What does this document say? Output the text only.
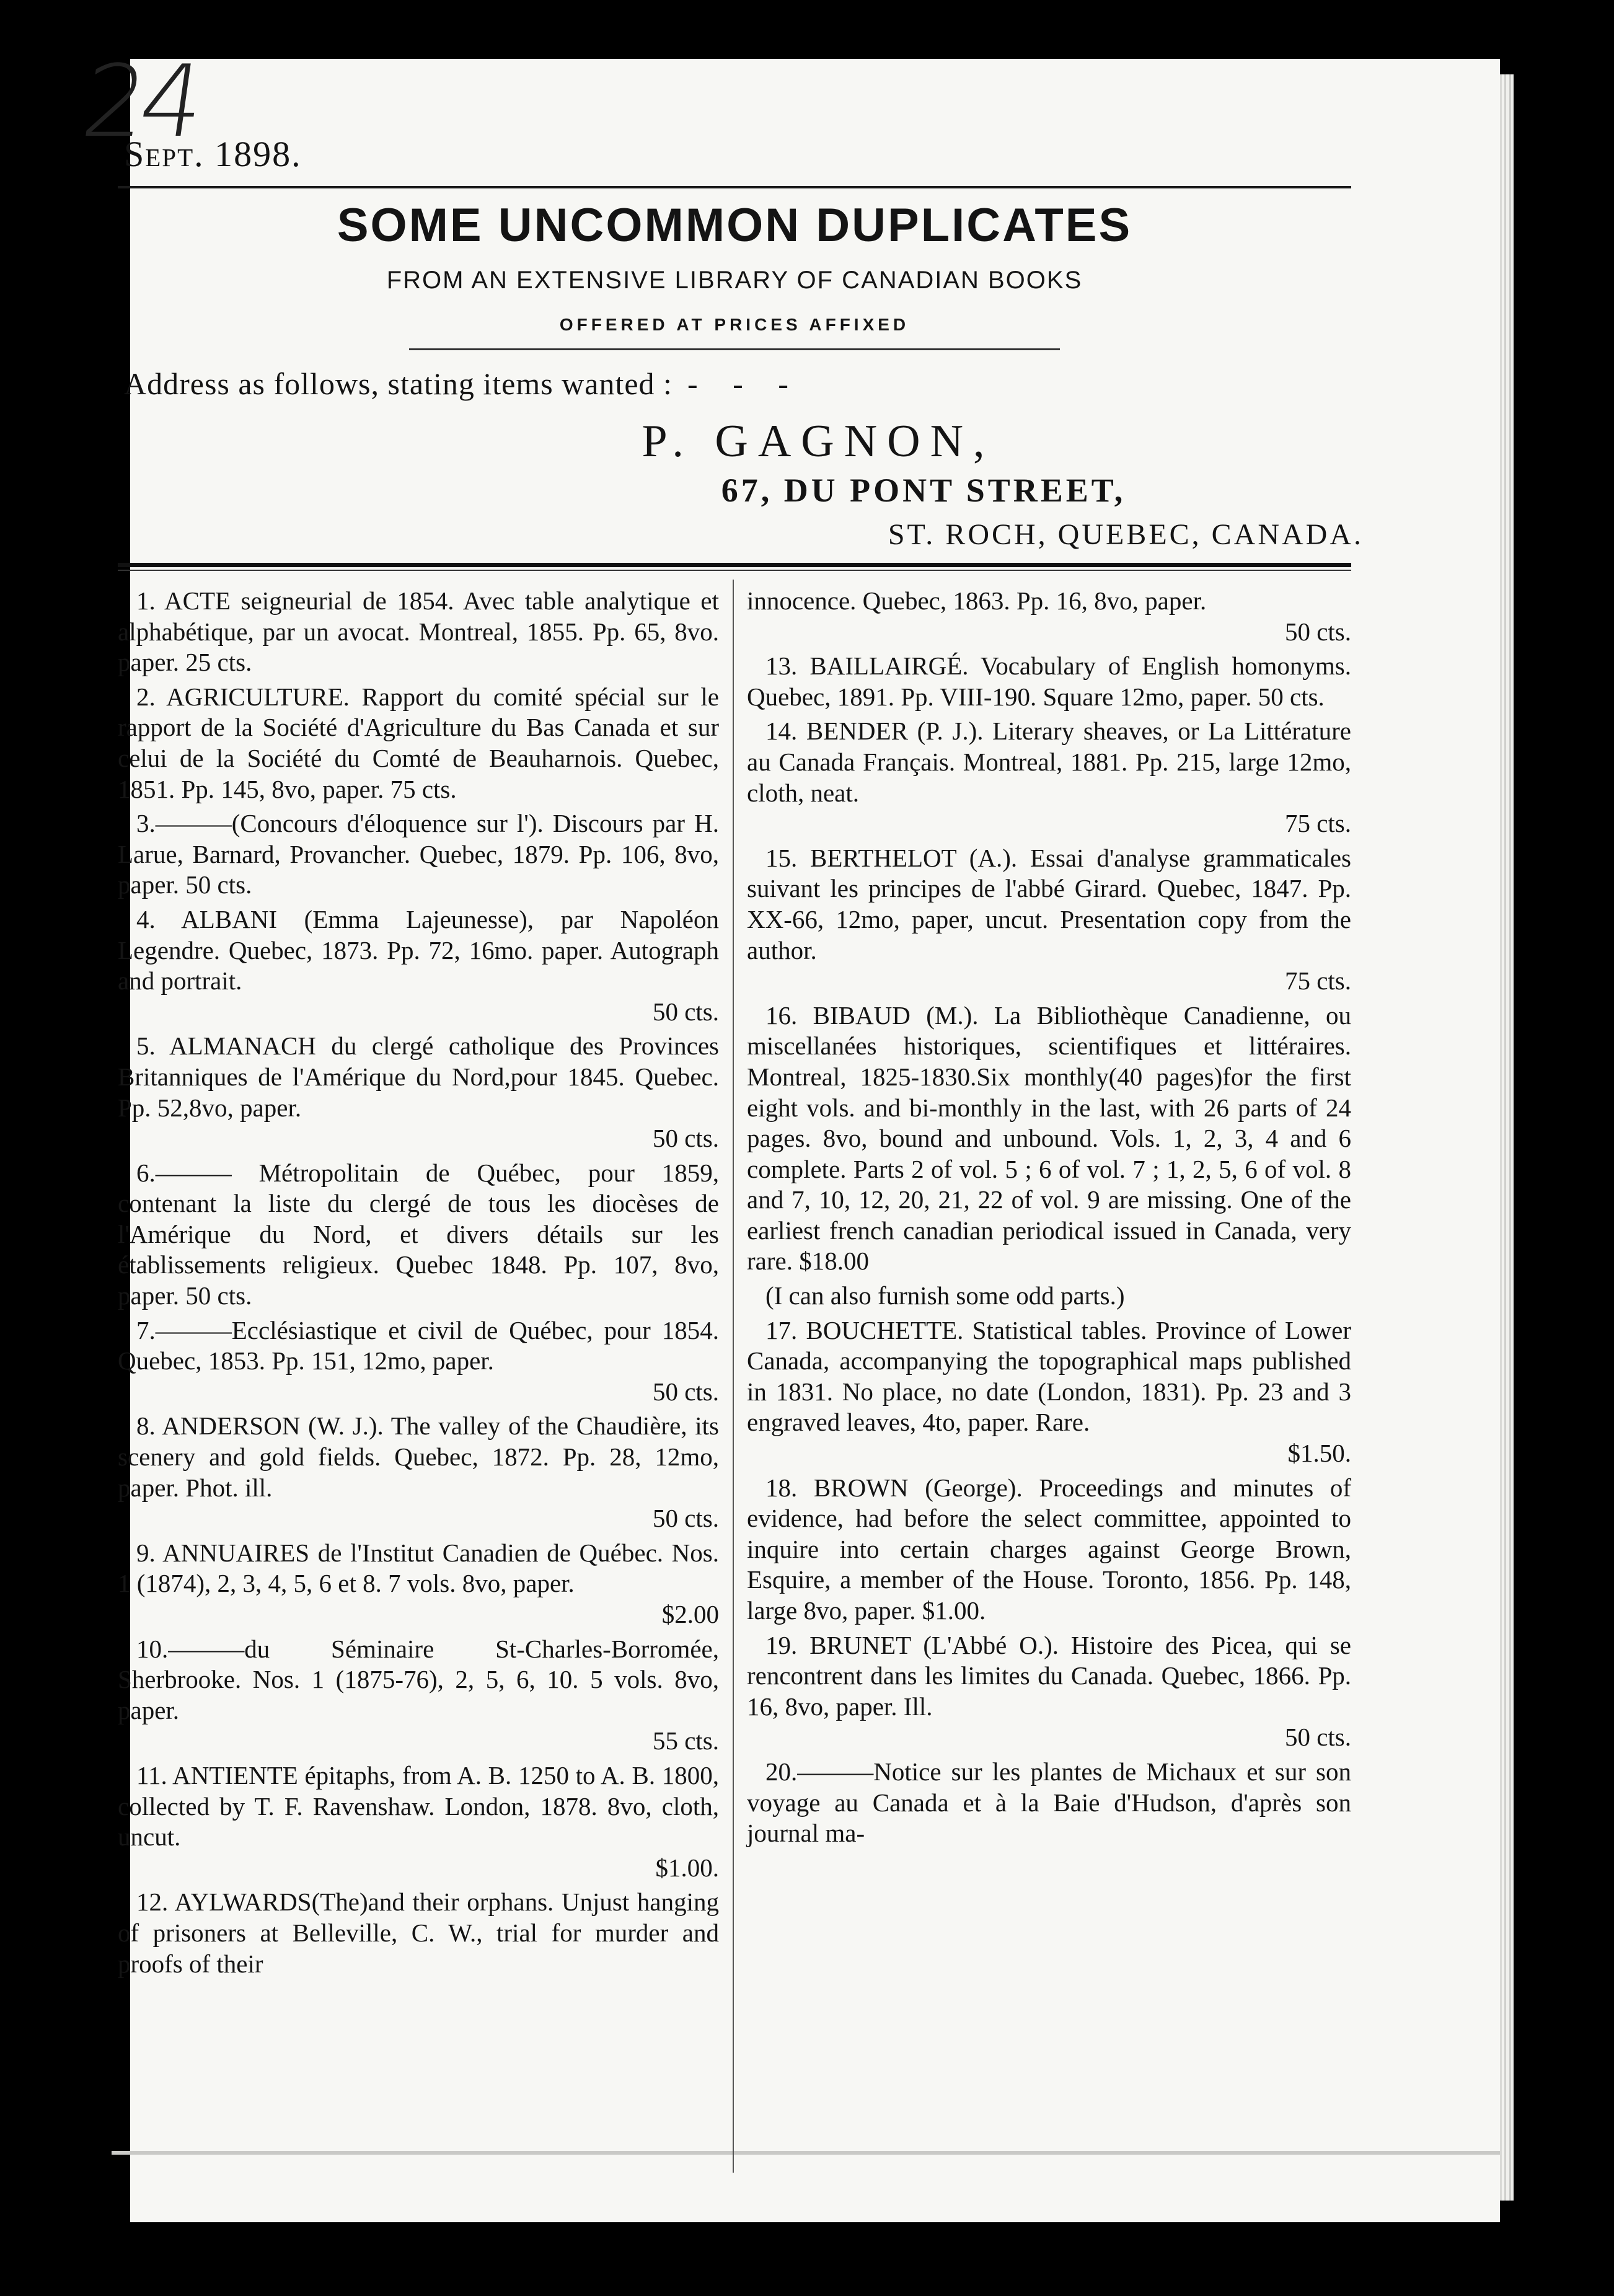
24
Sept. 1898.
SOME UNCOMMON DUPLICATES
FROM AN EXTENSIVE LIBRARY OF CANADIAN BOOKS
OFFERED AT PRICES AFFIXED
Address as follows, stating items wanted : - - -
P. GAGNON,
67, DU PONT STREET,
ST. ROCH, QUEBEC, CANADA.
1. ACTE seigneurial de 1854. Avec table analytique et alphabétique, par un avocat. Montreal, 1855. Pp. 65, 8vo. paper. 25 cts.
2. AGRICULTURE. Rapport du comité spécial sur le rapport de la Société d'Agriculture du Bas Canada et sur celui de la Société du Comté de Beauharnois. Quebec, 1851. Pp. 145, 8vo, paper. 75 cts.
3.———(Concours d'éloquence sur l'). Discours par H. Larue, Barnard, Provancher. Quebec, 1879. Pp. 106, 8vo, paper. 50 cts.
4. ALBANI (Emma Lajeunesse), par Napoléon Legendre. Quebec, 1873. Pp. 72, 16mo. paper. Autograph and portrait.
50 cts.
5. ALMANACH du clergé catholique des Provinces Britanniques de l'Amérique du Nord,pour 1845. Quebec. Pp. 52,8vo, paper.
50 cts.
6.——— Métropolitain de Québec, pour 1859, contenant la liste du clergé de tous les diocèses de l'Amérique du Nord, et divers détails sur les établissements religieux. Quebec 1848. Pp. 107, 8vo, paper. 50 cts.
7.———Ecclésiastique et civil de Québec, pour 1854. Quebec, 1853. Pp. 151, 12mo, paper.
50 cts.
8. ANDERSON (W. J.). The valley of the Chaudière, its scenery and gold fields. Quebec, 1872. Pp. 28, 12mo, paper. Phot. ill.
50 cts.
9. ANNUAIRES de l'Institut Canadien de Québec. Nos. 1 (1874), 2, 3, 4, 5, 6 et 8. 7 vols. 8vo, paper.
$2.00
10.———du Séminaire St-Charles-Borromée, Sherbrooke. Nos. 1 (1875-76), 2, 5, 6, 10. 5 vols. 8vo, paper.
55 cts.
11. ANTIENTE épitaphs, from A. B. 1250 to A. B. 1800, collected by T. F. Ravenshaw. London, 1878. 8vo, cloth, uncut.
$1.00.
12. AYLWARDS(The)and their orphans. Unjust hanging of prisoners at Belleville, C. W., trial for murder and proofs of their
innocence. Quebec, 1863. Pp. 16, 8vo, paper.
50 cts.
13. BAILLAIRGÉ. Vocabulary of English homonyms. Quebec, 1891. Pp. VIII-190. Square 12mo, paper. 50 cts.
14. BENDER (P. J.). Literary sheaves, or La Littérature au Canada Français. Montreal, 1881. Pp. 215, large 12mo, cloth, neat.
75 cts.
15. BERTHELOT (A.). Essai d'analyse grammaticales suivant les principes de l'abbé Girard. Quebec, 1847. Pp. XX-66, 12mo, paper, uncut. Presentation copy from the author.
75 cts.
16. BIBAUD (M.). La Bibliothèque Canadienne, ou miscellanées historiques, scientifiques et littéraires. Montreal, 1825-1830.Six monthly(40 pages)for the first eight vols. and bi-monthly in the last, with 26 parts of 24 pages. 8vo, bound and unbound. Vols. 1, 2, 3, 4 and 6 complete. Parts 2 of vol. 5 ; 6 of vol. 7 ; 1, 2, 5, 6 of vol. 8 and 7, 10, 12, 20, 21, 22 of vol. 9 are missing. One of the earliest french canadian periodical issued in Canada, very rare. $18.00
(I can also furnish some odd parts.)
17. BOUCHETTE. Statistical tables. Province of Lower Canada, accompanying the topographical maps published in 1831. No place, no date (London, 1831). Pp. 23 and 3 engraved leaves, 4to, paper. Rare.
$1.50.
18. BROWN (George). Proceedings and minutes of evidence, had before the select committee, appointed to inquire into certain charges against George Brown, Esquire, a member of the House. Toronto, 1856. Pp. 148, large 8vo, paper. $1.00.
19. BRUNET (L'Abbé O.). Histoire des Picea, qui se rencontrent dans les limites du Canada. Quebec, 1866. Pp. 16, 8vo, paper. Ill.
50 cts.
20.———Notice sur les plantes de Michaux et sur son voyage au Canada et à la Baie d'Hudson, d'après son journal ma-
